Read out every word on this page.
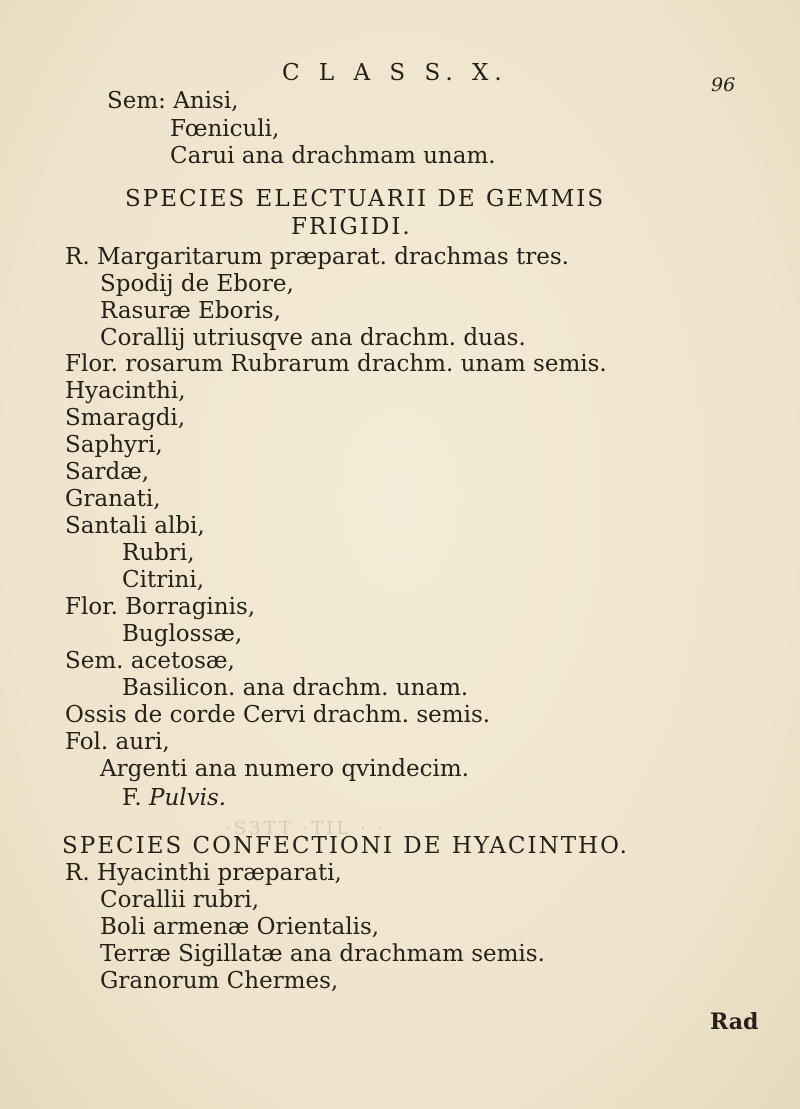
C L A S S. X.	96
Sem: Anisi,
Fœniculi,
Carui ana drachmam unam.
SPECIES ELECTUARII DE GEMMIS
FRIGIDI.
R. Margaritarum præparat. drachmas tres.
Spodij de Ebore,
Rasuræ Eboris,
Corallij utriusqve ana drachm. duas.
Flor. rosarum Rubrarum drachm. unam semis.
Hyacinthi,
Smaragdi,
Saphyri,
Sardæ,
Granati,
Santali albi,
Rubri,
Citrini,
Flor. Borraginis,
Buglossæ,
Sem. acetosæ,
Basilicon. ana drachm. unam.
Ossis de corde Cervi drachm. semis.
Fol. auri,
Argenti ana numero qvindecim.
F. Pulvis.
·S3TT ·TIL · ·
SPECIES CONFECTIONI DE HYACINTHO.
R. Hyacinthi præparati,
Corallii rubri,
Boli armenæ Orientalis,
Terræ Sigillatæ ana drachmam semis.
Granorum Chermes,
Rad
